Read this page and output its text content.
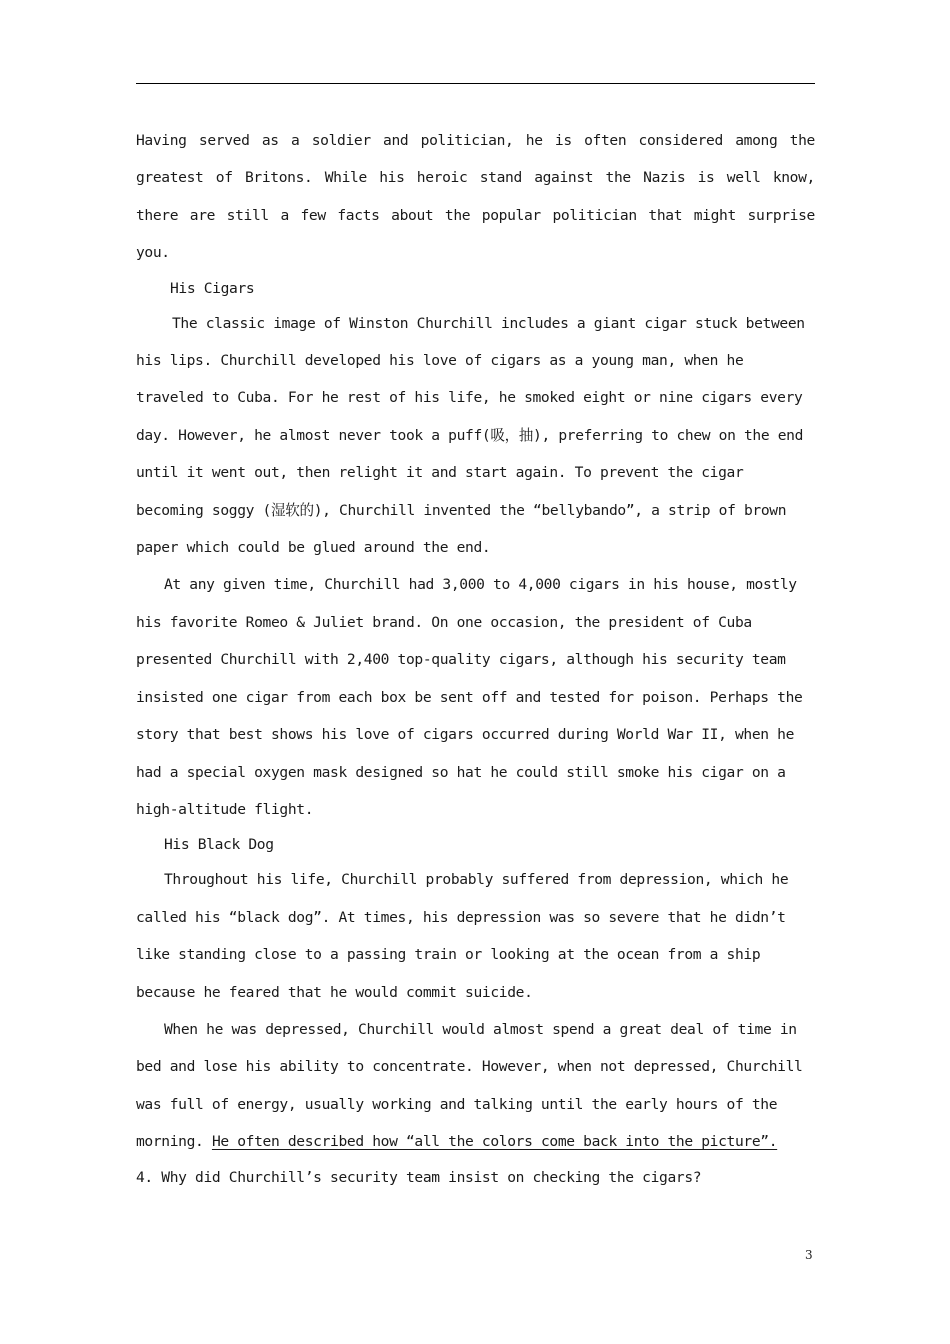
Having served as a soldier and politician, he is often considered among the greatest of Britons. While his heroic stand against the Nazis is well know, there are still a few facts about the popular politician that might surprise you.

His Cigars

The classic image of Winston Churchill includes a giant cigar stuck between his lips. Churchill developed his love of cigars as a young man, when he traveled to Cuba. For he rest of his life, he smoked eight or nine cigars every day. However, he almost never took a puff(吸，抽), preferring to chew on the end until it went out, then relight it and start again. To prevent the cigar becoming soggy (湿软的), Churchill invented the “bellybando”, a strip of brown paper which could be glued around the end.

At any given time, Churchill had 3,000 to 4,000 cigars in his house, mostly his favorite Romeo & Juliet brand. On one occasion, the president of Cuba presented Churchill with 2,400 top-quality cigars, although his security team insisted one cigar from each box be sent off and tested for poison. Perhaps the story that best shows his love of cigars occurred during World War II, when he had a special oxygen mask designed so hat he could still smoke his cigar on a high-altitude flight.

His Black Dog

Throughout his life, Churchill probably suffered from depression, which he called his “black dog”. At times, his depression was so severe that he didn’t like standing close to a passing train or looking at the ocean from a ship because he feared that he would commit suicide.

When he was depressed, Churchill would almost spend a great deal of time in bed and lose his ability to concentrate. However, when not depressed, Churchill was full of energy, usually working and talking until the early hours of the morning. He often described how “all the colors come back into the picture”.

4. Why did Churchill’s security team insist on checking the cigars?

3
